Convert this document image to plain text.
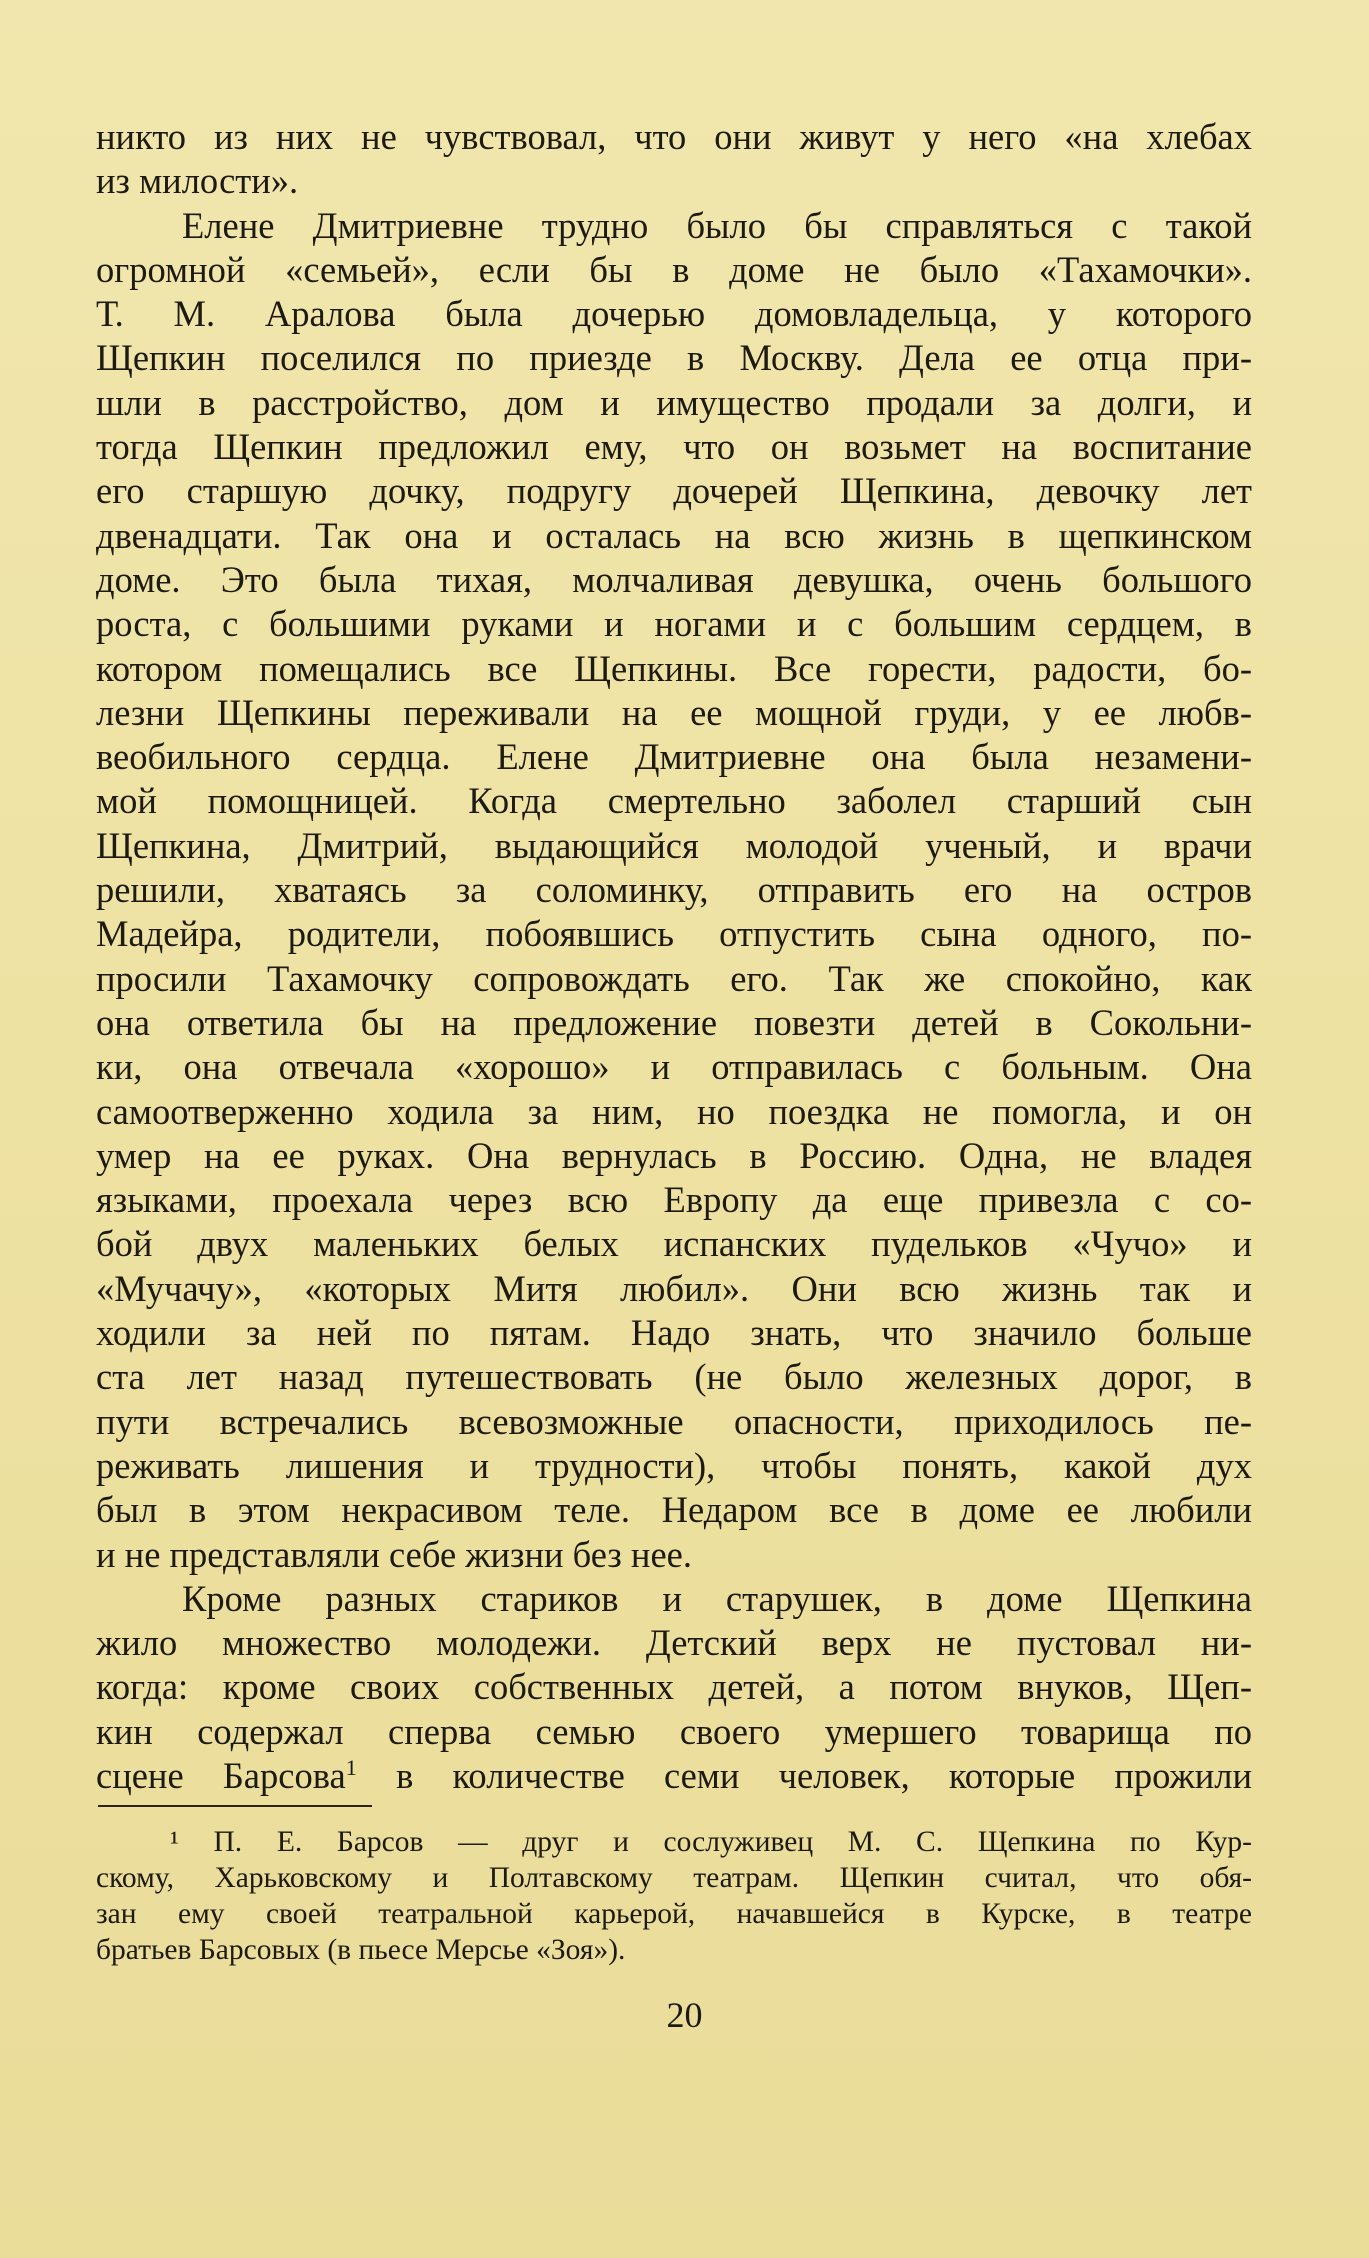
никто из них не чувствовал, что они живут у него «на хлебах
из милости».
Елене Дмитриевне трудно было бы справляться с такой
огромной «семьей», если бы в доме не было «Тахамочки».
Т. М. Аралова была дочерью домовладельца, у которого
Щепкин поселился по приезде в Москву. Дела ее отца при-
шли в расстройство, дом и имущество продали за долги, и
тогда Щепкин предложил ему, что он возьмет на воспитание
его старшую дочку, подругу дочерей Щепкина, девочку лет
двенадцати. Так она и осталась на всю жизнь в щепкинском
доме. Это была тихая, молчаливая девушка, очень большого
роста, с большими руками и ногами и с большим сердцем, в
котором помещались все Щепкины. Все горести, радости, бо-
лезни Щепкины переживали на ее мощной груди, у ее любв-
веобильного сердца. Елене Дмитриевне она была незамени-
мой помощницей. Когда смертельно заболел старший сын
Щепкина, Дмитрий, выдающийся молодой ученый, и врачи
решили, хватаясь за соломинку, отправить его на остров
Мадейра, родители, побоявшись отпустить сына одного, по-
просили Тахамочку сопровождать его. Так же спокойно, как
она ответила бы на предложение повезти детей в Сокольни-
ки, она отвечала «хорошо» и отправилась с больным. Она
самоотверженно ходила за ним, но поездка не помогла, и он
умер на ее руках. Она вернулась в Россию. Одна, не владея
языками, проехала через всю Европу да еще привезла с со-
бой двух маленьких белых испанских пудельков «Чучо» и
«Мучачу», «которых Митя любил». Они всю жизнь так и
ходили за ней по пятам. Надо знать, что значило больше
ста лет назад путешествовать (не было железных дорог, в
пути встречались всевозможные опасности, приходилось пе-
реживать лишения и трудности), чтобы понять, какой дух
был в этом некрасивом теле. Недаром все в доме ее любили
и не представляли себе жизни без нее.
Кроме разных стариков и старушек, в доме Щепкина
жило множество молодежи. Детский верх не пустовал ни-
когда: кроме своих собственных детей, а потом внуков, Щеп-
кин содержал сперва семью своего умершего товарища по
сцене Барсова$^1$ в количестве семи человек, которые прожили
¹ П. Е. Барсов — друг и сослуживец М. С. Щепкина по Кур-
скому, Харьковскому и Полтавскому театрам. Щепкин считал, что обя-
зан ему своей театральной карьерой, начавшейся в Курске, в театре
братьев Барсовых (в пьесе Мерсье «Зоя»).
20
